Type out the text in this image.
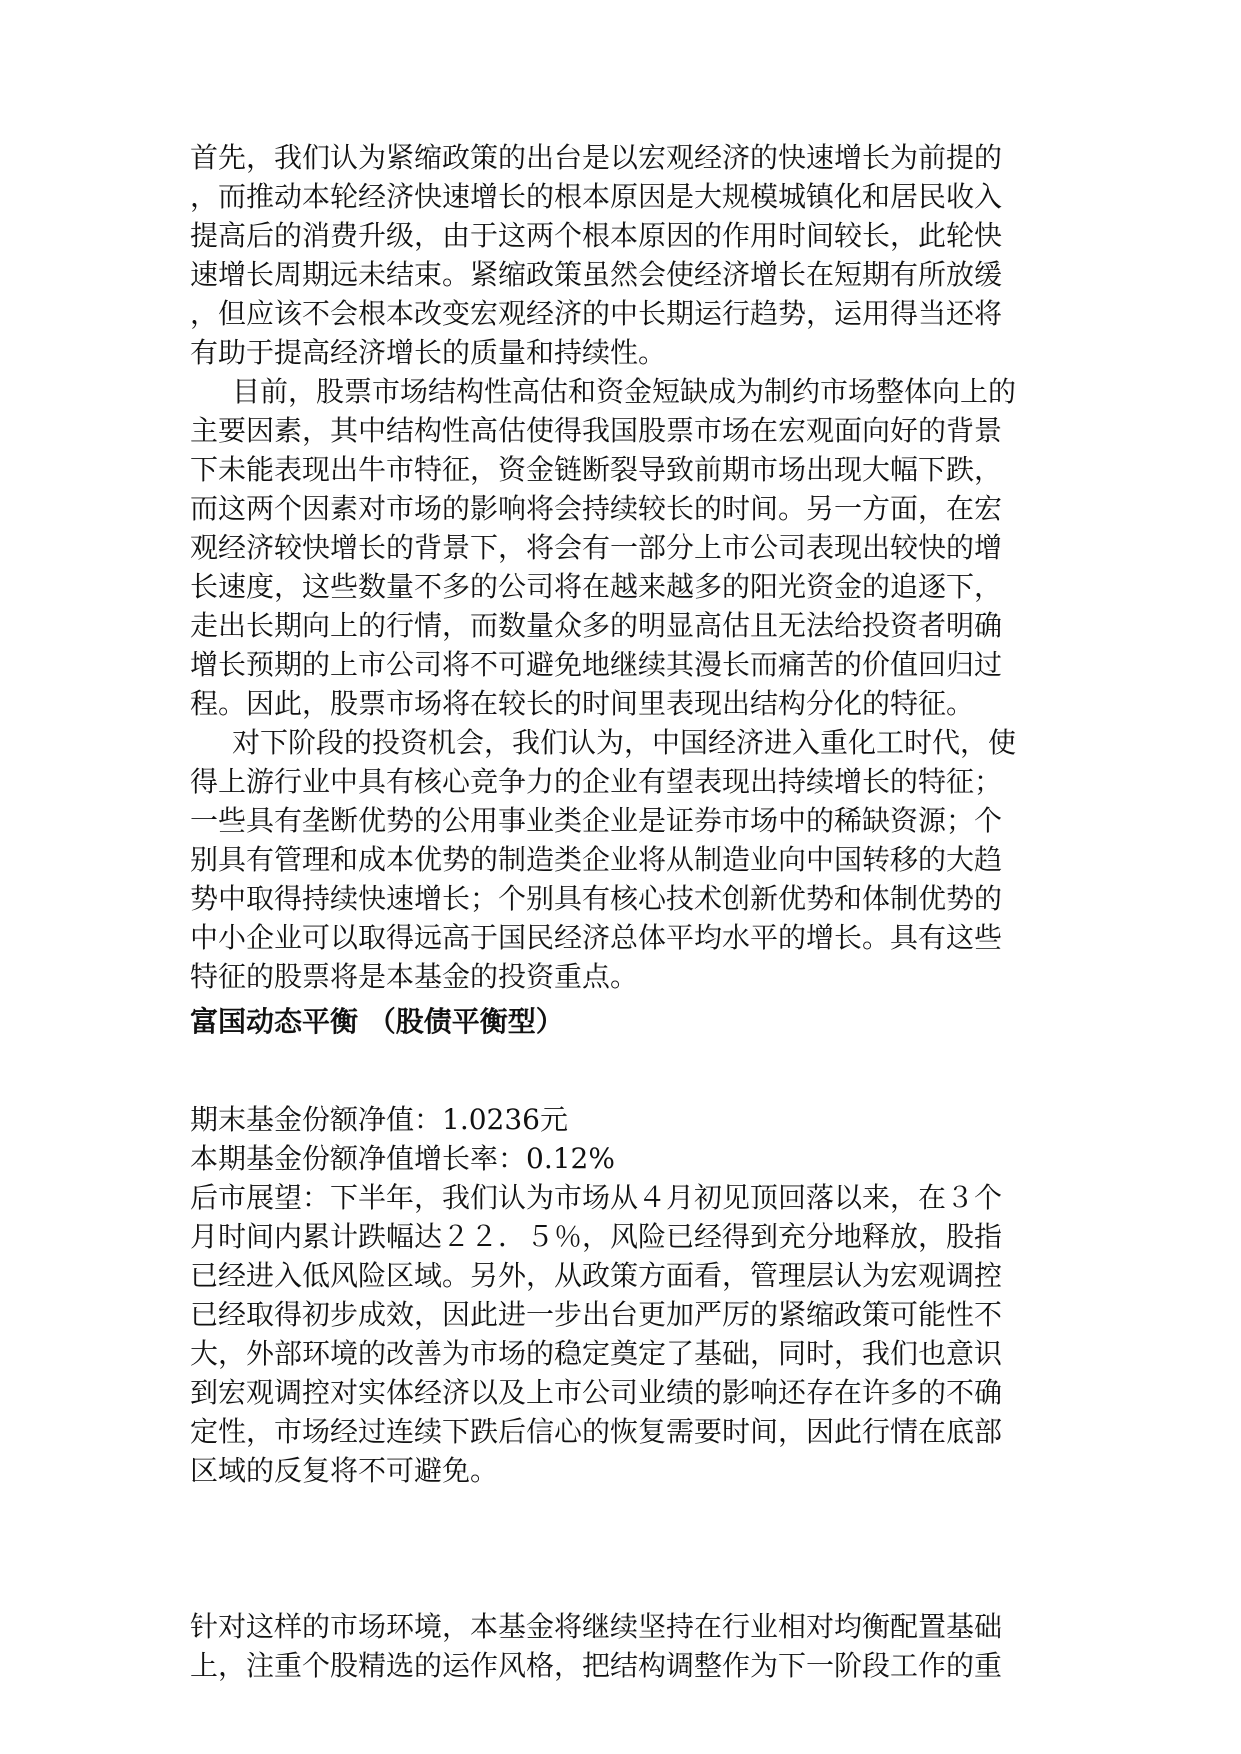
首先，我们认为紧缩政策的出台是以宏观经济的快速增长为前提的
，而推动本轮经济快速增长的根本原因是大规模城镇化和居民收入
提高后的消费升级，由于这两个根本原因的作用时间较长，此轮快
速增长周期远未结束。紧缩政策虽然会使经济增长在短期有所放缓
，但应该不会根本改变宏观经济的中长期运行趋势，运用得当还将
有助于提高经济增长的质量和持续性。
目前，股票市场结构性高估和资金短缺成为制约市场整体向上的
主要因素，其中结构性高估使得我国股票市场在宏观面向好的背景
下未能表现出牛市特征，资金链断裂导致前期市场出现大幅下跌，
而这两个因素对市场的影响将会持续较长的时间。另一方面，在宏
观经济较快增长的背景下，将会有一部分上市公司表现出较快的增
长速度，这些数量不多的公司将在越来越多的阳光资金的追逐下，
走出长期向上的行情，而数量众多的明显高估且无法给投资者明确
增长预期的上市公司将不可避免地继续其漫长而痛苦的价值回归过
程。因此，股票市场将在较长的时间里表现出结构分化的特征。
对下阶段的投资机会，我们认为，中国经济进入重化工时代，使
得上游行业中具有核心竞争力的企业有望表现出持续增长的特征；
一些具有垄断优势的公用事业类企业是证券市场中的稀缺资源；个
别具有管理和成本优势的制造类企业将从制造业向中国转移的大趋
势中取得持续快速增长；个别具有核心技术创新优势和体制优势的
中小企业可以取得远高于国民经济总体平均水平的增长。具有这些
特征的股票将是本基金的投资重点。
富国动态平衡 （股债平衡型）
期末基金份额净值：1.0236元
本期基金份额净值增长率：0.12%
后市展望：下半年，我们认为市场从４月初见顶回落以来，在３个
月时间内累计跌幅达２２．５％，风险已经得到充分地释放，股指
已经进入低风险区域。另外，从政策方面看，管理层认为宏观调控
已经取得初步成效，因此进一步出台更加严厉的紧缩政策可能性不
大，外部环境的改善为市场的稳定奠定了基础，同时，我们也意识
到宏观调控对实体经济以及上市公司业绩的影响还存在许多的不确
定性，市场经过连续下跌后信心的恢复需要时间，因此行情在底部
区域的反复将不可避免。
针对这样的市场环境，本基金将继续坚持在行业相对均衡配置基础
上，注重个股精选的运作风格，把结构调整作为下一阶段工作的重
